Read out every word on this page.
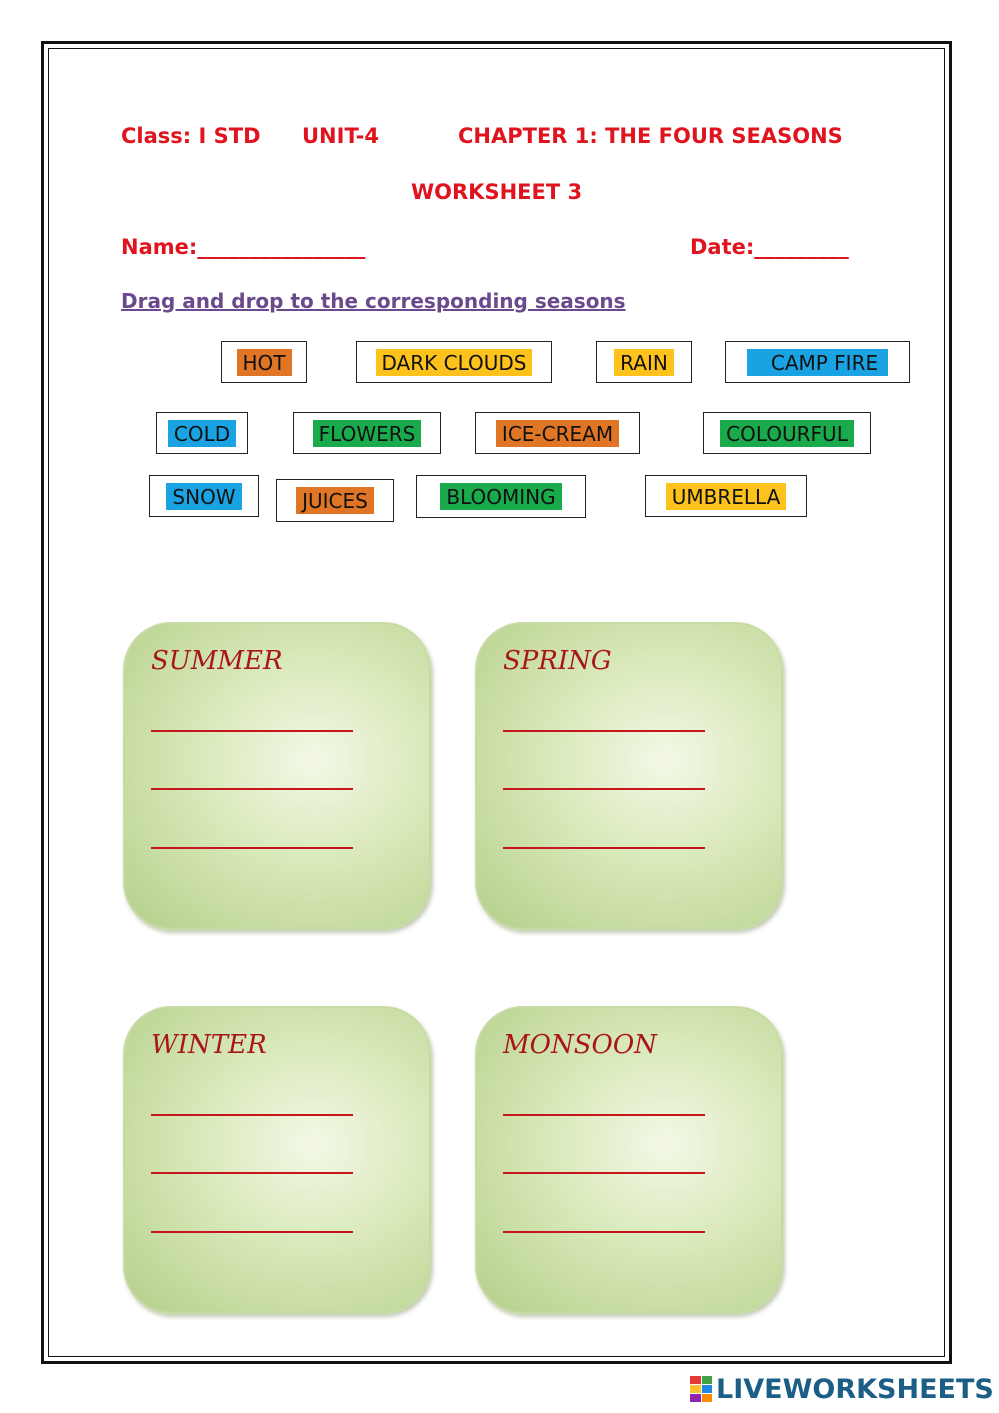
Class: I STD UNIT-4	CHAPTER 1: THE FOUR SEASONS
WORKSHEET 3
Name:________________	Date:_________
Drag and drop to the corresponding seasons
HOT	DARK CLOUDS	RAIN	CAMP FIRE
COLD	FLOWERS	ICE-CREAM	COLOURFUL
SNOW	JUICES	BLOOMING	UMBRELLA
SUMMER	SPRING
WINTER	MONSOON
LIVEWORKSHEETS
